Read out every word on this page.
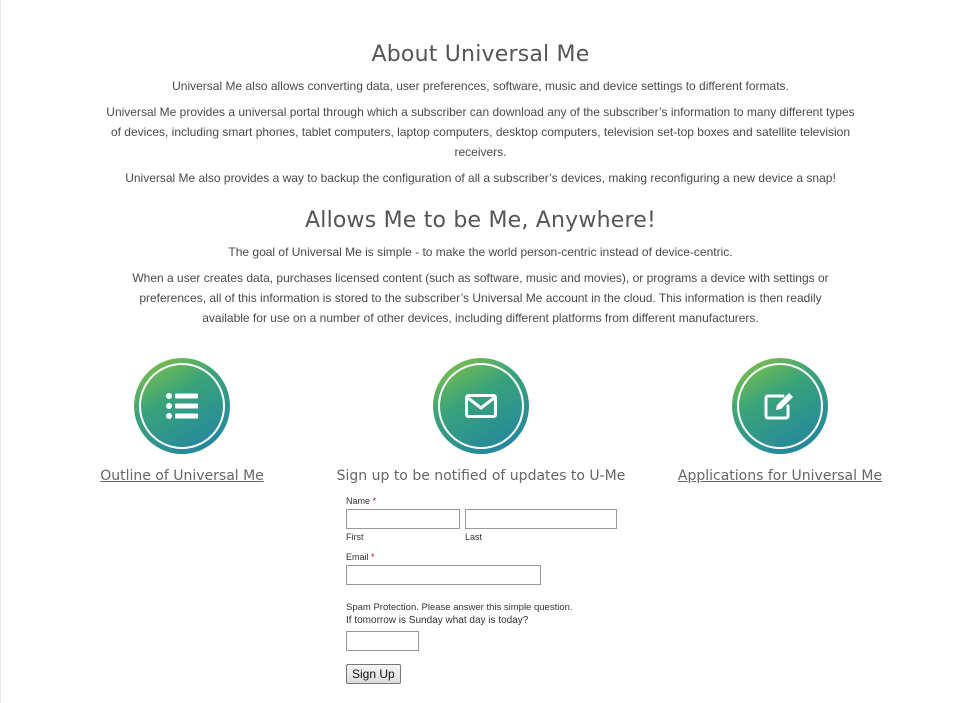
About Universal Me

Universal Me also allows converting data, user preferences, software, music and device settings to different formats.

Universal Me provides a universal portal through which a subscriber can download any of the subscriber’s information to many different types of devices, including smart phones, tablet computers, laptop computers, desktop computers, television set-top boxes and satellite television receivers.

Universal Me also provides a way to backup the configuration of all a subscriber’s devices, making reconfiguring a new device a snap!

Allows Me to be Me, Anywhere!

The goal of Universal Me is simple - to make the world person-centric instead of device-centric.

When a user creates data, purchases licensed content (such as software, music and movies), or programs a device with settings or preferences, all of this information is stored to the subscriber’s Universal Me account in the cloud. This information is then readily available for use on a number of other devices, including different platforms from different manufacturers.

Outline of Universal Me	Sign up to be notified of updates to U-Me
Name *
First	Last
Email *
Spam Protection. Please answer this simple question.
If tomorrow is Sunday what day is today?
Sign Up
Applications for Universal Me
